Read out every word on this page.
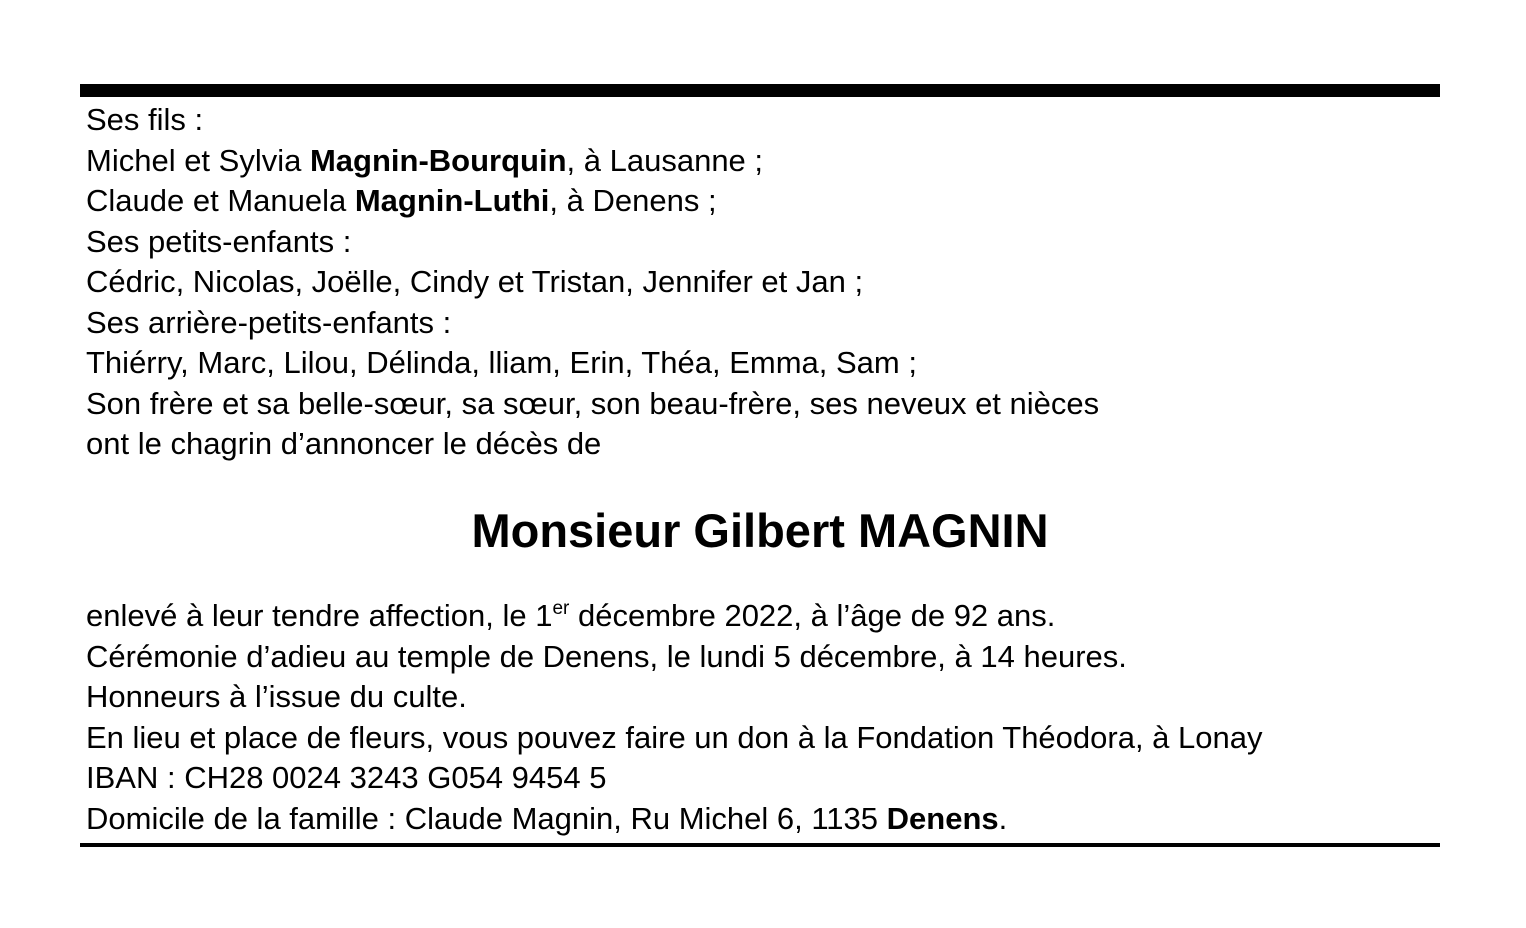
Ses fils :
Michel et Sylvia Magnin-Bourquin, à Lausanne ;
Claude et Manuela Magnin-Luthi, à Denens ;
Ses petits-enfants :
Cédric, Nicolas, Joëlle, Cindy et Tristan, Jennifer et Jan ;
Ses arrière-petits-enfants :
Thiérry, Marc, Lilou, Délinda, lliam, Erin, Théa, Emma, Sam ;
Son frère et sa belle-sœur, sa sœur, son beau-frère, ses neveux et nièces
ont le chagrin d’annoncer le décès de
Monsieur Gilbert MAGNIN
enlevé à leur tendre affection, le 1er décembre 2022, à l’âge de 92 ans.
Cérémonie d’adieu au temple de Denens, le lundi 5 décembre, à 14 heures.
Honneurs à l’issue du culte.
En lieu et place de fleurs, vous pouvez faire un don à la Fondation Théodora, à Lonay
IBAN : CH28 0024 3243 G054 9454 5
Domicile de la famille : Claude Magnin, Ru Michel 6, 1135 Denens.
